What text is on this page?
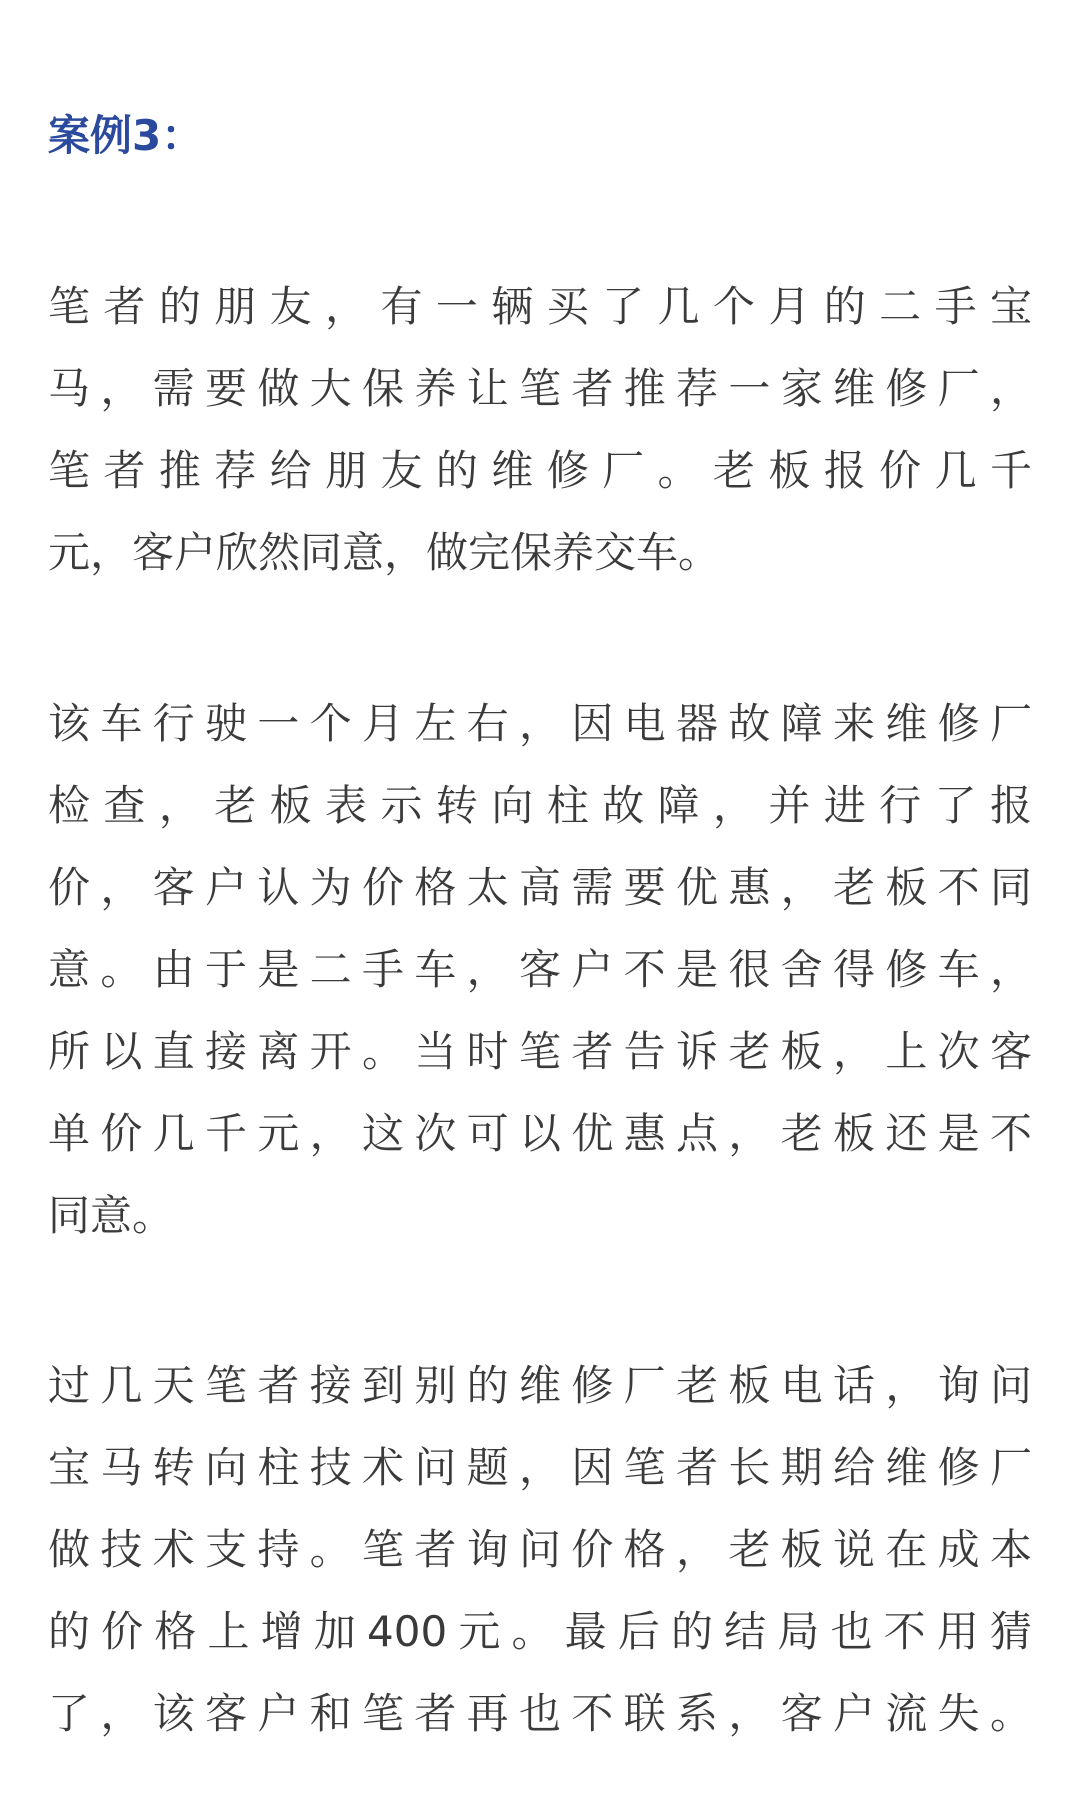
案例3：
笔者的朋友，有一辆买了几个月的二手宝
马，需要做大保养让笔者推荐一家维修厂，
笔者推荐给朋友的维修厂。老板报价几千
元，客户欣然同意，做完保养交车。
该车行驶一个月左右，因电器故障来维修厂
检查，老板表示转向柱故障，并进行了报
价，客户认为价格太高需要优惠，老板不同
意。由于是二手车，客户不是很舍得修车，
所以直接离开。当时笔者告诉老板，上次客
单价几千元，这次可以优惠点，老板还是不
同意。
过几天笔者接到别的维修厂老板电话，询问
宝马转向柱技术问题，因笔者长期给维修厂
做技术支持。笔者询问价格，老板说在成本
的价格上增加400元。最后的结局也不用猜
了，该客户和笔者再也不联系，客户流失。
